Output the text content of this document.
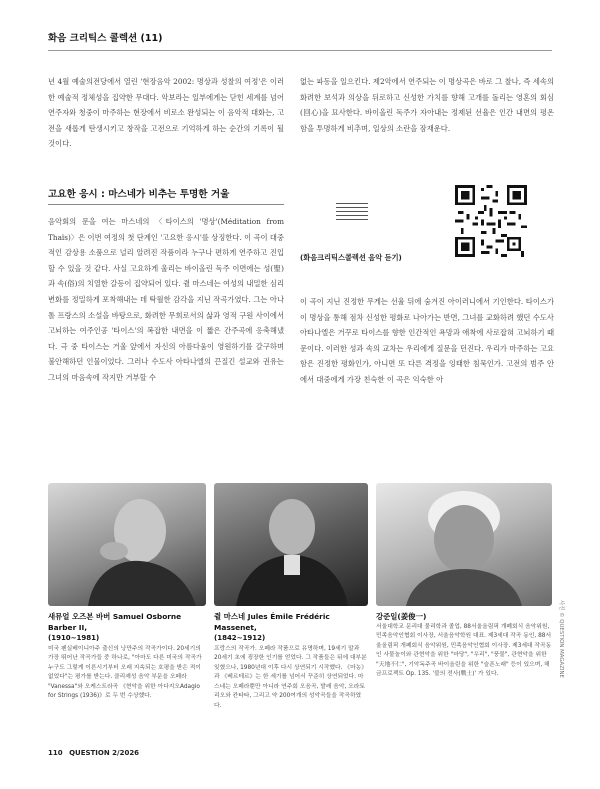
화음 크리틱스 콜렉션 (11)

년 4월 예술의전당에서 열린 '현장음악 2002: 명상과 성찰의 여정'은 이러한 예술적 정체성을 집약한 무대다. 악보라는 일부에게는 닫힌 세계를 넘어 연주자와 청중이 마주하는 현장에서 비로소 완성되는 이 음악적 대화는, 고전을 새롭게 탄생시키고 창작을 고전으로 기억하게 하는 순간의 기록이 될 것이다.

없는 파동을 일으킨다. 제2악에서 연주되는 이 명상곡은 바로 그 찰나, 즉 세속의 화려한 보석과 의상을 뒤로하고 신성한 가치를 향해 고개를 돌리는 영혼의 회심(回心)을 묘사한다. 바이올린 독주가 자아내는 정제된 선율은 인간 내면의 평온함을 투명하게 비추며, 일상의 소란을 잠재운다.

고요한 응시 : 마스네가 비추는 투명한 거울

음악회의 문을 여는 마스네의 〈타이스의 '명상'(Méditation from Thaïs)〉은 이번 여정의 첫 단계인 '고요한 응시'를 상징한다. 이 곡이 대중적인 감상용 소품으로 널리 알려진 작품이라 누구나 편하게 연주하고 진입할 수 있을 것 같다. 사실 고요하게 울리는 바이올린 독주 이면에는 성(聖)과 속(俗)의 치열한 갈등이 집약되어 있다. 쥘 마스네는 여성의 내밀한 심리 변화를 정밀하게 포착해내는 데 탁월한 감각을 지닌 작곡가였다. 그는 아나톨 프랑스의 소설을 바탕으로, 화려한 무희로서의 삶과 영적 구원 사이에서 고뇌하는 여주인공 '타이스'의 복잡한 내면을 이 짧은 간주곡에 응축해냈다. 극 중 타이스는 거울 앞에서 자신의 아름다움이 영원하기를 갈구하며 불안해하던 인물이었다. 그러나 수도사 아타나엘의 끈질긴 설교와 권유는 그녀의 마음속에 작지만 거부할 수

(화음크리틱스콜렉션 음악 듣기)

이 곡이 지닌 진정한 무게는 선율 뒤에 숨겨진 아이러니에서 기인한다. 타이스가 이 명상을 통해 점차 신성한 평화로 나아가는 반면, 그녀를 교화하려 했던 수도사 아타나엘은 거꾸로 타이스를 향한 인간적인 욕망과 애착에 사로잡혀 고뇌하기 때문이다. 이러한 성과 속의 교차는 우리에게 질문을 던진다. 우리가 마주하는 고요함은 진정한 평화인가, 아니면 또 다른 격정을 잉태한 침묵인가. 고전의 범주 안에서 대중에게 가장 친숙한 이 곡은 익숙한 아

새뮤얼 오즈본 바버 Samuel Osborne Barber II,
(1910~1981)
미국 펜실베이니아주 출신의 낭만주의 작곡가이다. 20세기의 가장 뛰어난 작곡가들 중 하나로, "아마도 다른 미국의 작곡가 누구도 그렇게 이른시기부터 오래 지속되는 호평을 받은 적이 없었다"는 평가를 받는다. 클리셰성 음악 부문을 오페라 "Vanessa"와 오케스트라곡 《현악을 위한 아다지오Adagio for Strings (1936)》로 두 번 수상했다.
쥘 마스네 Jules Émile Frédéric Massenet,
(1842~1912)
프랑스의 작곡가. 오페라 작품으로 유명하며, 19세기 말과 20세기 초에 굉장한 인기를 얻었다. 그 작품들은 뒤에 대부분 잊혔으나, 1980년대 이후 다시 상연되기 시작했다. 《마농》과 《베르테르》는 한 세기를 넘어서 꾸준히 상연되었다. 마스네는 오페라뿐만 아니라 연주회 오음곡, 발레 음악, 오라토리오와 칸타타, 그리고 약 200여개의 성악곡들을 작곡하였다.
강준일(姜俊一)
서울대학교 문리대 물리학과 졸업, 88서울올림픽 개폐회식 음악위원, 민족음악인협회 이사장, 서울음악학원 대표. 제3세대 작곡 동인, 88서울올림픽 개폐회식 음악위원, 민족음악인협회 이사장. 제3세대 작곡동인 사물놀이와 관현악을 위한 "마당", "우리", "풍물", 관현악을 위한 "天地不仁", 기악독주곡 바이올린을 위한 "슬픈노래" 등이 있으며, 해금프로젝트 Op. 135. '불의 전사(戰士)' 가 있다.	사진 © QUESTION MAGAZINE
110 QUESTION 2/2026
